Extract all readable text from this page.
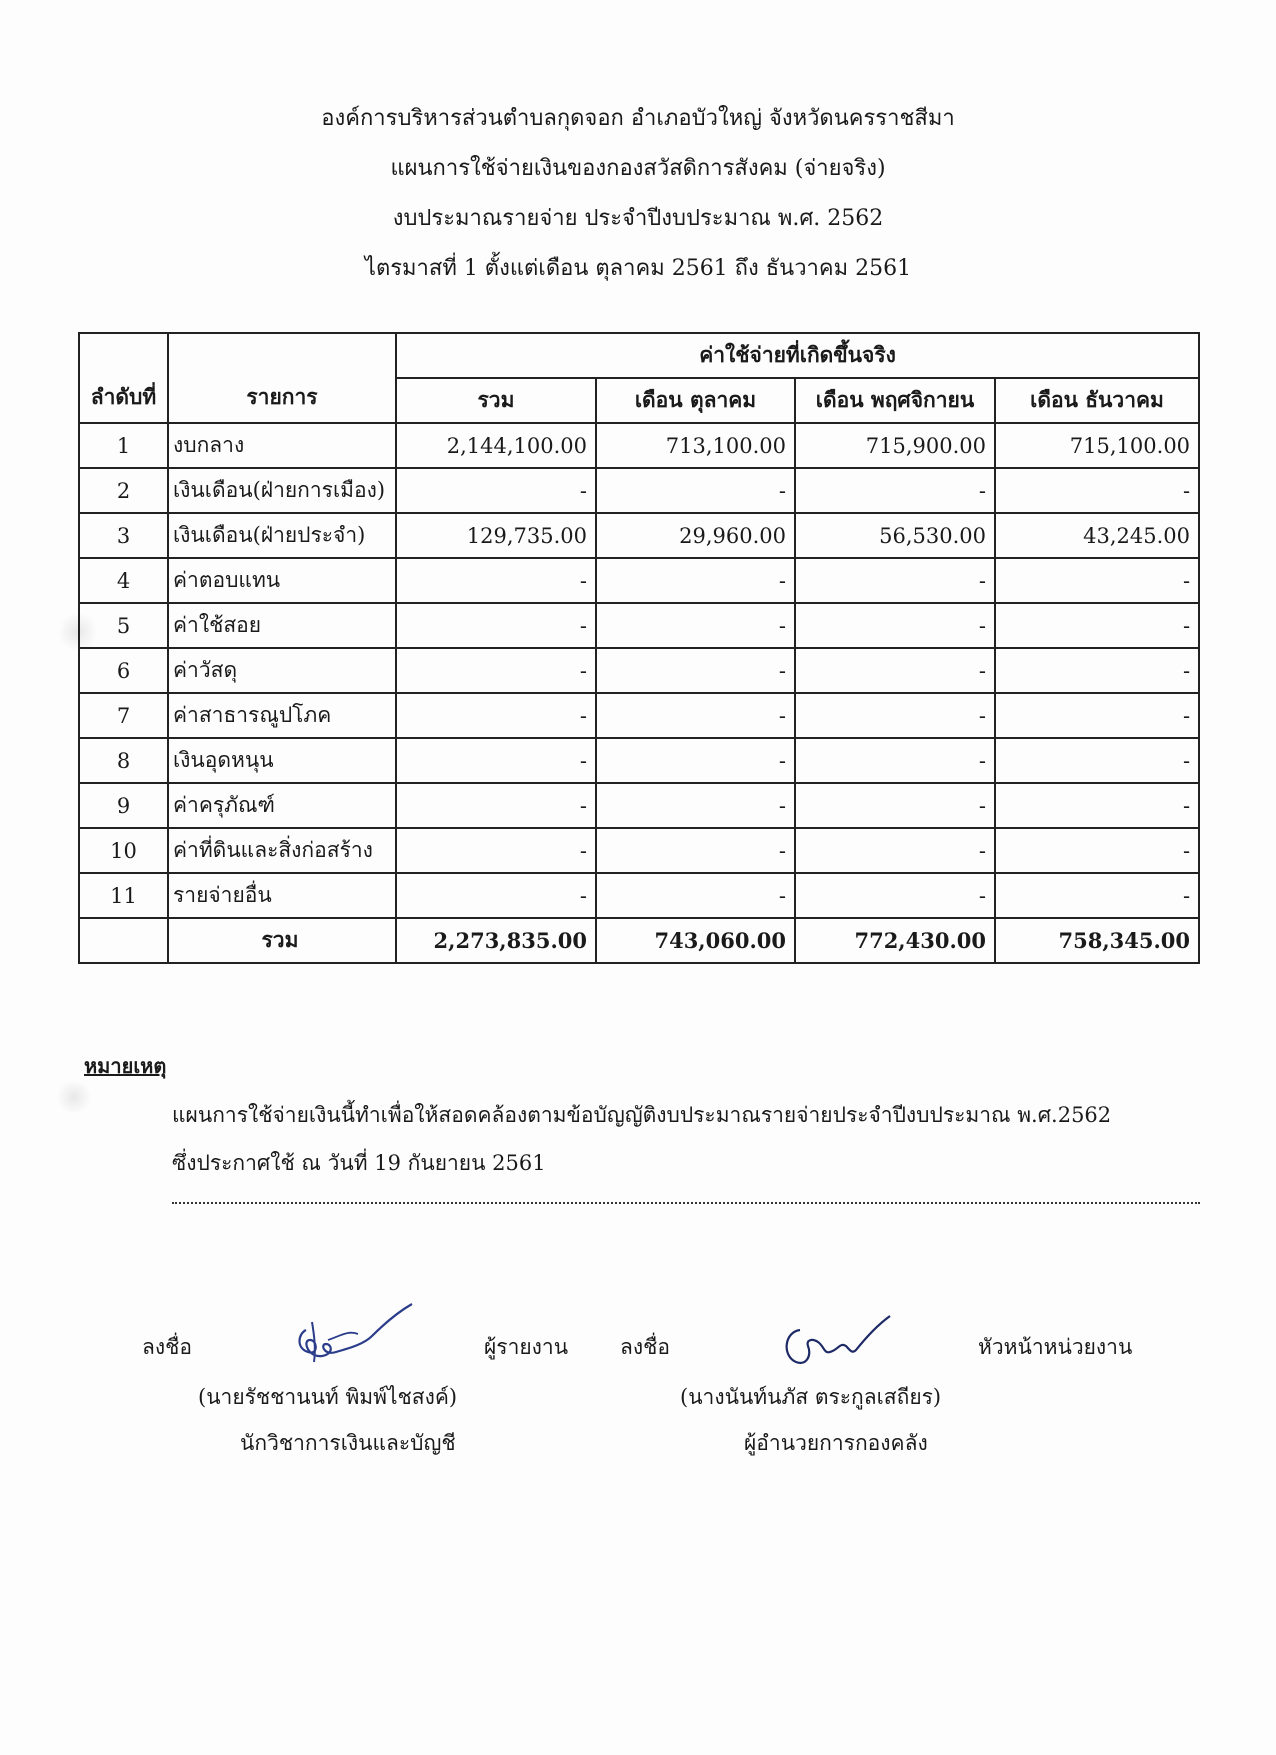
องค์การบริหารส่วนตำบลกุดจอก อำเภอบัวใหญ่ จังหวัดนครราชสีมา
แผนการใช้จ่ายเงินของกองสวัสดิการสังคม (จ่ายจริง)
งบประมาณรายจ่าย ประจำปีงบประมาณ พ.ศ. 2562
ไตรมาสที่ 1 ตั้งแต่เดือน ตุลาคม 2561 ถึง ธันวาคม 2561
ลำดับที่	รายการ	ค่าใช้จ่ายที่เกิดขึ้นจริง			
		รวม	เดือน ตุลาคม	เดือน พฤศจิกายน	เดือน ธันวาคม
1	งบกลาง	2,144,100.00	713,100.00	715,900.00	715,100.00
2	เงินเดือน(ฝ่ายการเมือง)	-	-	-	-
3	เงินเดือน(ฝ่ายประจำ)	129,735.00	29,960.00	56,530.00	43,245.00
4	ค่าตอบแทน	-	-	-	-
5	ค่าใช้สอย	-	-	-	-
6	ค่าวัสดุ	-	-	-	-
7	ค่าสาธารณูปโภค	-	-	-	-
8	เงินอุดหนุน	-	-	-	-
9	ค่าครุภัณฑ์	-	-	-	-
10	ค่าที่ดินและสิ่งก่อสร้าง	-	-	-	-
11	รายจ่ายอื่น	-	-	-	-
	รวม	2,273,835.00	743,060.00	772,430.00	758,345.00
หมายเหตุ
แผนการใช้จ่ายเงินนี้ทำเพื่อให้สอดคล้องตามข้อบัญญัติงบประมาณรายจ่ายประจำปีงบประมาณ พ.ศ.2562
ซึ่งประกาศใช้ ณ วันที่ 19 กันยายน 2561
ลงชื่อ	ผู้รายงาน
(นายรัชชานนท์ พิมพ์ไชสงค์)
นักวิชาการเงินและบัญชี
ลงชื่อ	หัวหน้าหน่วยงาน
(นางนันท์นภัส ตระกูลเสถียร)
ผู้อำนวยการกองคลัง
